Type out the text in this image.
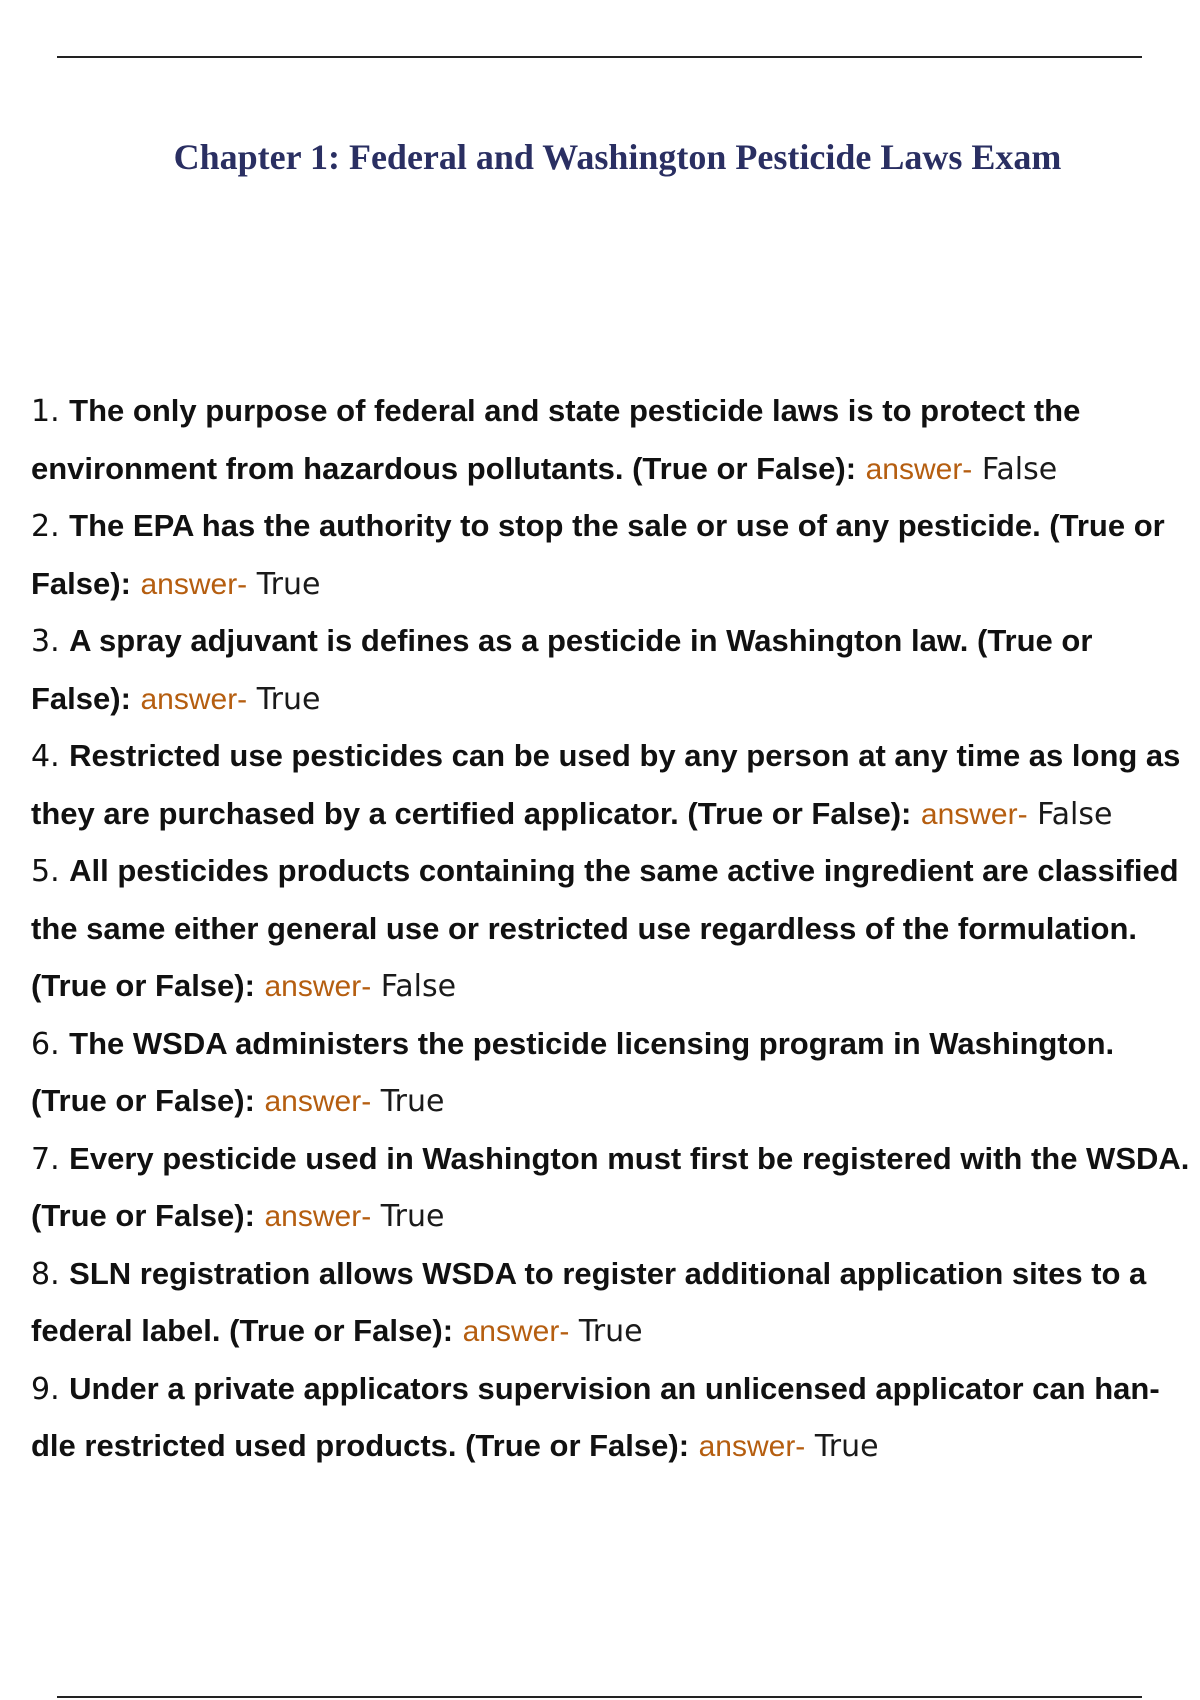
Chapter 1: Federal and Washington Pesticide Laws Exam
1. The only purpose of federal and state pesticide laws is to protect the environment from hazardous pollutants. (True or False): answer- False
2. The EPA has the authority to stop the sale or use of any pesticide. (True or False): answer- True
3. A spray adjuvant is defines as a pesticide in Washington law. (True or False): answer- True
4. Restricted use pesticides can be used by any person at any time as long as they are purchased by a certified applicator. (True or False): answer- False
5. All pesticides products containing the same active ingredient are classified the same either general use or restricted use regardless of the formulation. (True or False): answer- False
6. The WSDA administers the pesticide licensing program in Washington. (True or False): answer- True
7. Every pesticide used in Washington must first be registered with the WSDA. (True or False): answer- True
8. SLN registration allows WSDA to register additional application sites to a federal label. (True or False): answer- True
9. Under a private applicators supervision an unlicensed applicator can han- dle restricted used products. (True or False): answer- True
